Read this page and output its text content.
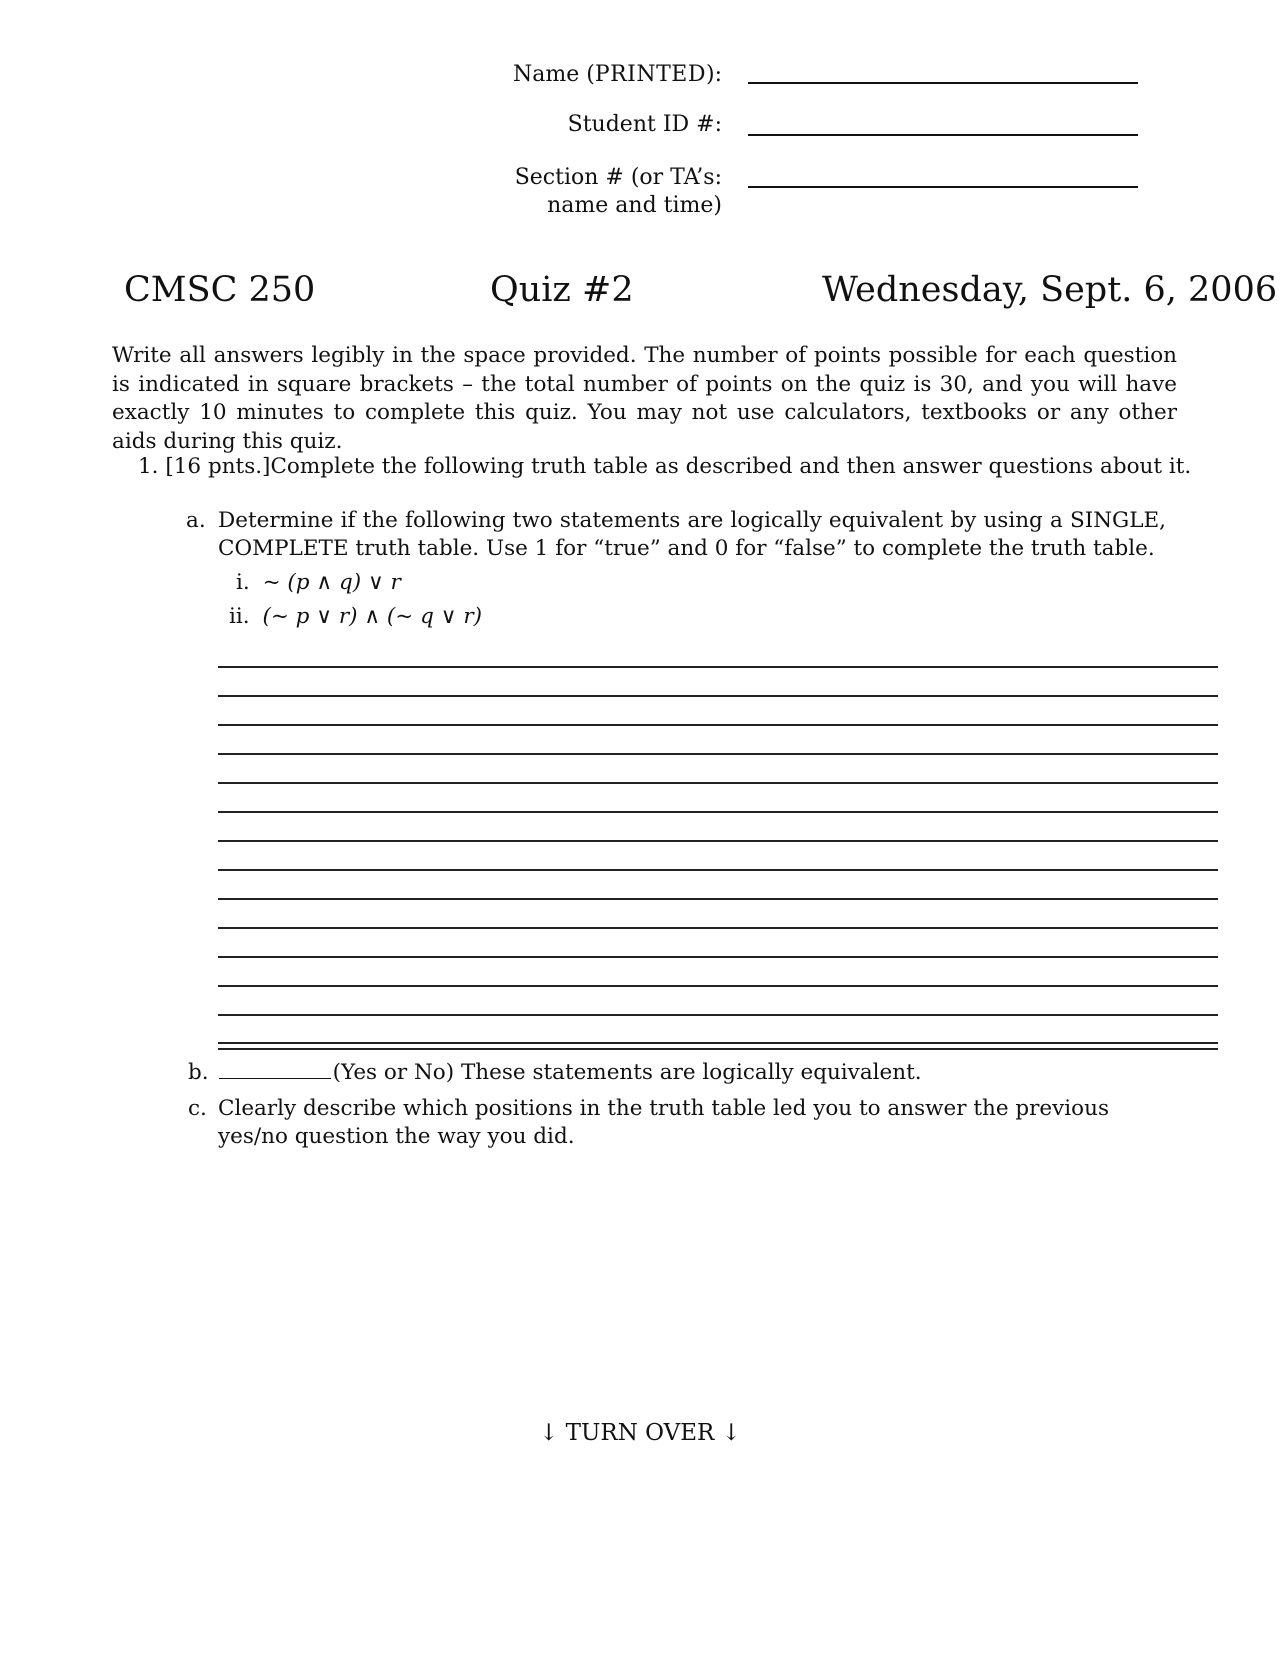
Name (PRINTED):
Student ID #:
Section # (or TA’s:
name and time)
CMSC 250	Quiz #2	Wednesday, Sept. 6, 2006
Write all answers legibly in the space provided. The number of points possible for each question is indicated in square brackets – the total number of points on the quiz is 30, and you will have exactly 10 minutes to complete this quiz. You may not use calculators, textbooks or any other aids during this quiz.
1. [16 pnts.]Complete the following truth table as described and then answer questions about it.
a. Determine if the following two statements are logically equivalent by using a SINGLE, COMPLETE truth table. Use 1 for “true” and 0 for “false” to complete the truth table.
i. ~ (p ∧ q) ∨ r
ii. (~ p ∨ r) ∧ (~ q ∨ r)
b.	(Yes or No) These statements are logically equivalent.
c. Clearly describe which positions in the truth table led you to answer the previous yes/no question the way you did.
↓ TURN OVER ↓
